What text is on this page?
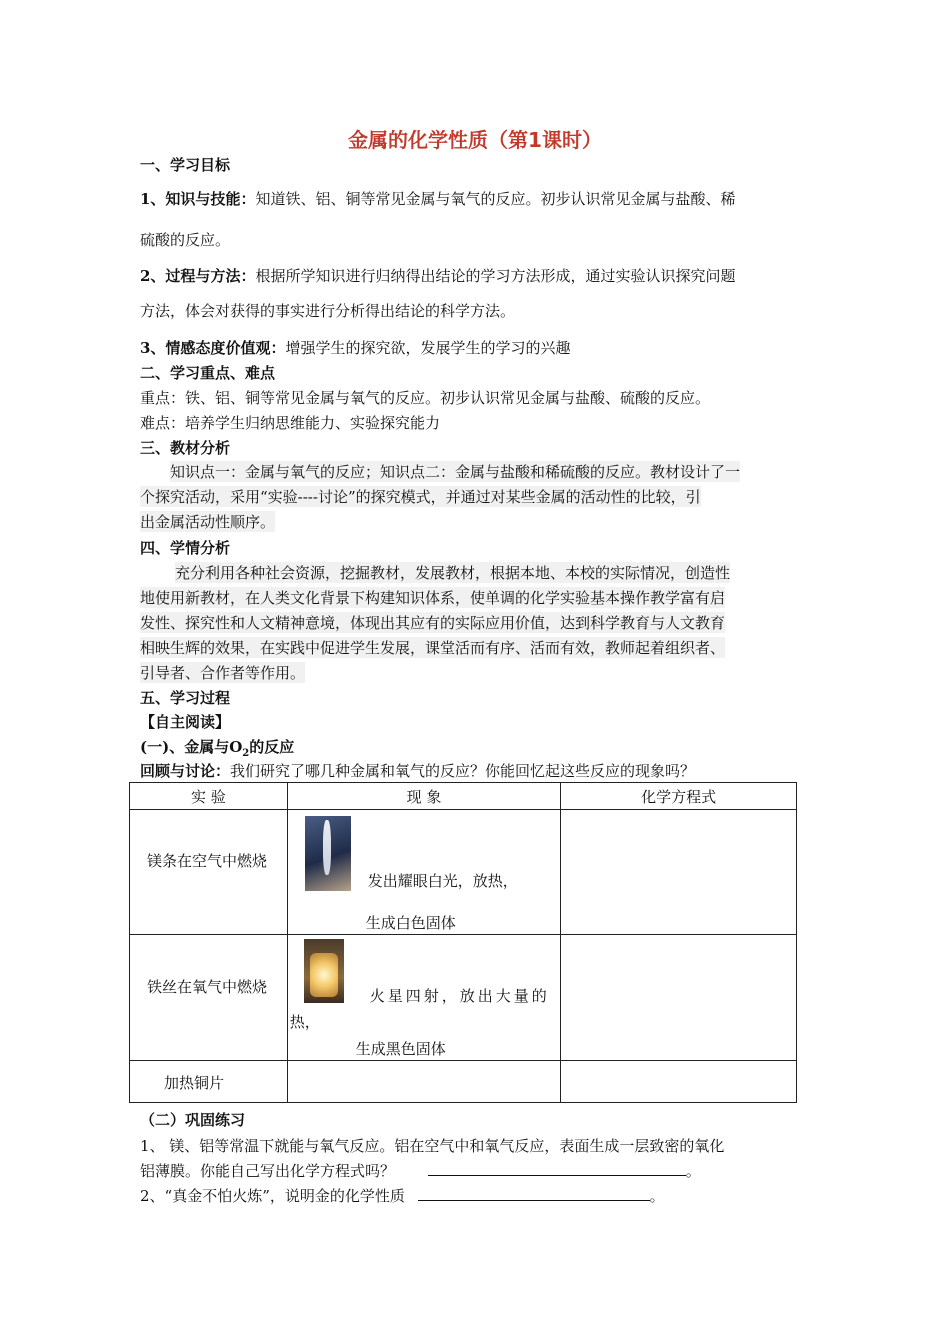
金属的化学性质（第1课时）
一、学习目标
1、知识与技能：知道铁、铝、铜等常见金属与氧气的反应。初步认识常见金属与盐酸、稀
硫酸的反应。
2、过程与方法：根据所学知识进行归纳得出结论的学习方法形成，通过实验认识探究问题
方法，体会对获得的事实进行分析得出结论的科学方法。
3、情感态度价值观：增强学生的探究欲，发展学生的学习的兴趣
二、学习重点、难点
重点：铁、铝、铜等常见金属与氧气的反应。初步认识常见金属与盐酸、硫酸的反应。
难点：培养学生归纳思维能力、实验探究能力
三、教材分析
知识点一：金属与氧气的反应；知识点二：金属与盐酸和稀硫酸的反应。教材设计了一
个探究活动，采用“实验----讨论”的探究模式，并通过对某些金属的活动性的比较，引
出金属活动性顺序。
四、学情分析
充分利用各种社会资源，挖掘教材，发展教材，根据本地、本校的实际情况，创造性
地使用新教材，在人类文化背景下构建知识体系，使单调的化学实验基本操作教学富有启
发性、探究性和人文精神意境，体现出其应有的实际应用价值，达到科学教育与人文教育
相映生辉的效果，在实践中促进学生发展，课堂活而有序、活而有效，教师起着组织者、
引导者、合作者等作用。
五、学习过程
【自主阅读】
(一)、金属与$O_2$的反应
回顾与讨论：我们研究了哪几种金属和氧气的反应？你能回忆起这些反应的现象吗？
实 验	现 象	化学方程式

镁条在空气中燃烧	发出耀眼白光，放热，
生成白色固体	

铁丝在氧气中燃烧	火星四射，放出大量的
热，
生成黑色固体	

加热铜片		

（二）巩固练习
1、 镁、铝等常温下就能与氧气反应。铝在空气中和氧气反应，表面生成一层致密的氧化
铝薄膜。你能自己写出化学方程式吗？	。
2、“真金不怕火炼”，说明金的化学性质	。
